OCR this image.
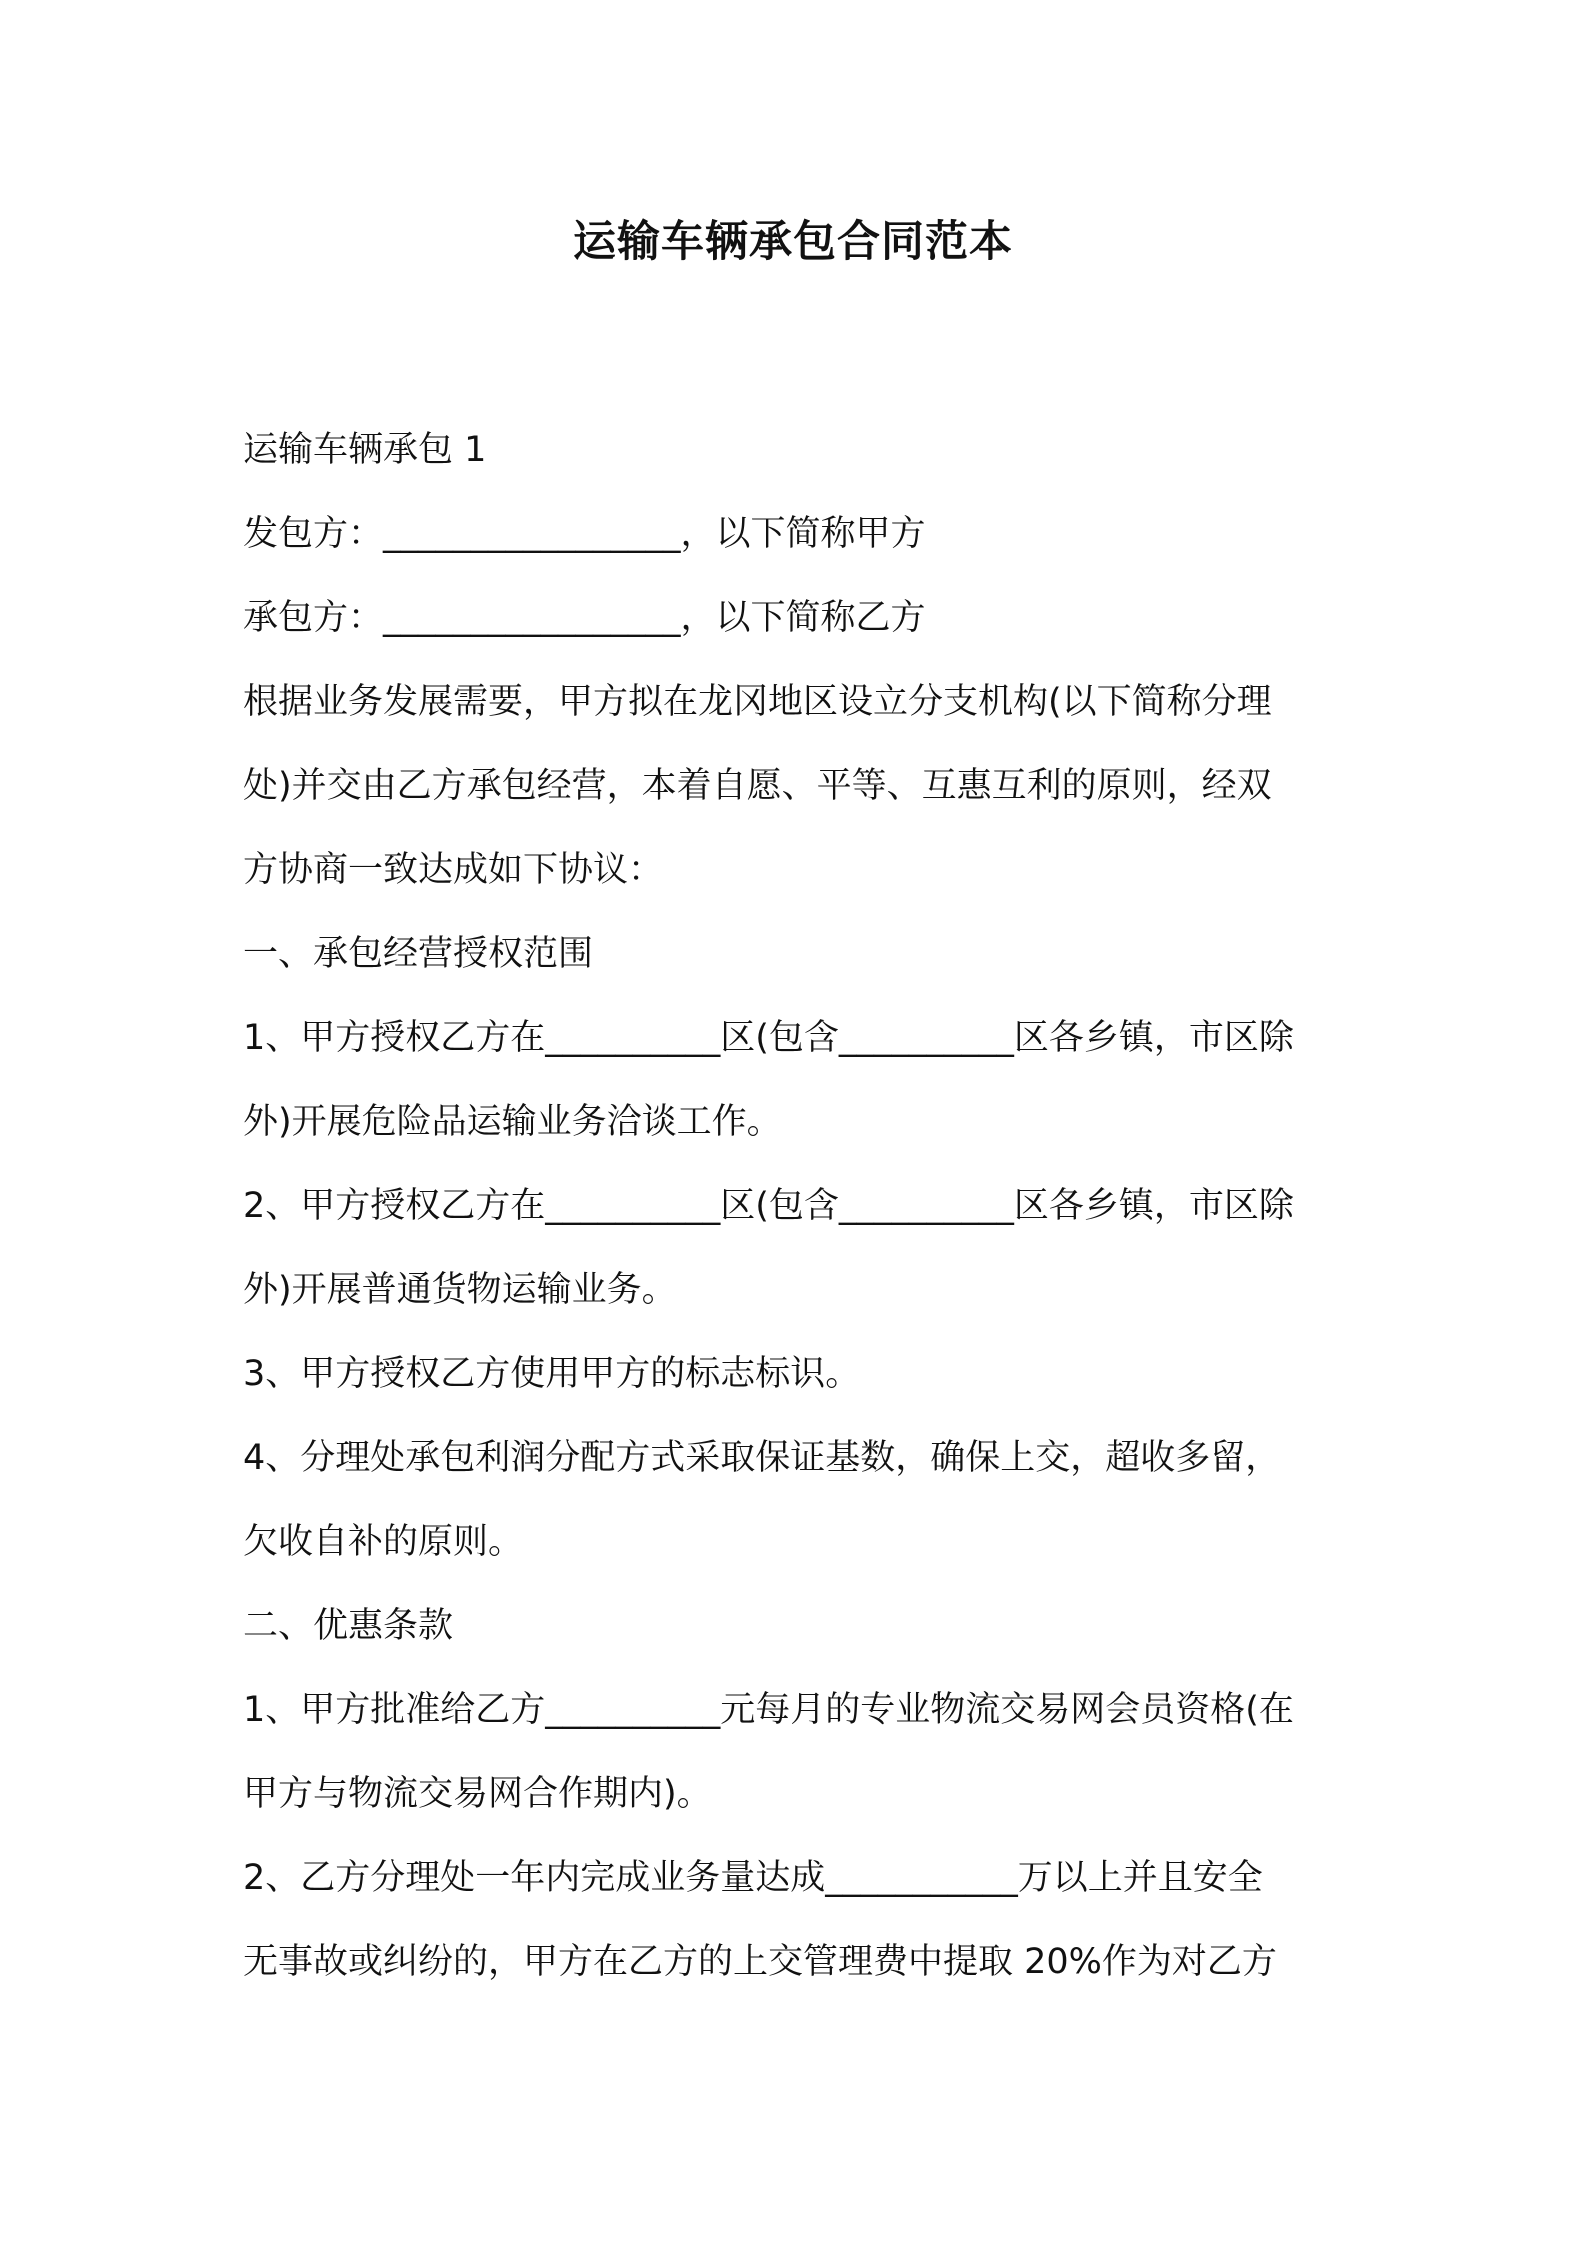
运输车辆承包合同范本
运输车辆承包 1
发包方：_________________，以下简称甲方
承包方：_________________，以下简称乙方
根据业务发展需要，甲方拟在龙冈地区设立分支机构(以下简称分理
处)并交由乙方承包经营，本着自愿、平等、互惠互利的原则，经双
方协商一致达成如下协议：
一、承包经营授权范围
1、甲方授权乙方在__________区(包含__________区各乡镇，市区除
外)开展危险品运输业务洽谈工作。
2、甲方授权乙方在__________区(包含__________区各乡镇，市区除
外)开展普通货物运输业务。
3、甲方授权乙方使用甲方的标志标识。
4、分理处承包利润分配方式采取保证基数，确保上交，超收多留，
欠收自补的原则。
二、优惠条款
1、甲方批准给乙方__________元每月的专业物流交易网会员资格(在
甲方与物流交易网合作期内)。
2、乙方分理处一年内完成业务量达成___________万以上并且安全
无事故或纠纷的，甲方在乙方的上交管理费中提取 20%作为对乙方
